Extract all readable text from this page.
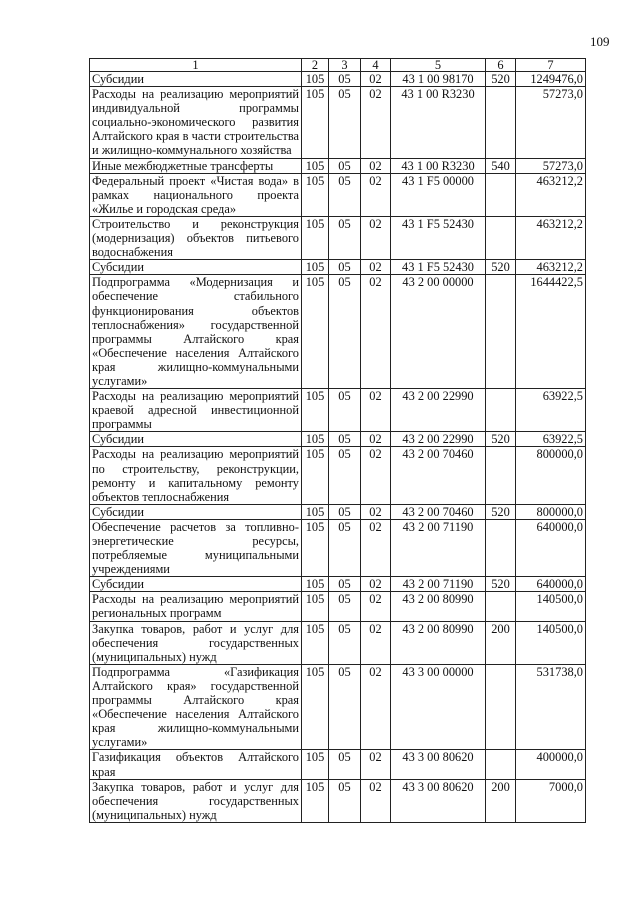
109
1	2	3	4	5	6	7
Субсидии	105	05	02	43 1 00 98170	520	1249476,0
Расходы на реализацию мероприятий индивидуальной программы социально-экономического развития Алтайского края в части строительства и жилищно-коммунального хозяйства	105	05	02	43 1 00 R3230		57273,0
Иные межбюджетные трансферты	105	05	02	43 1 00 R3230	540	57273,0
Федеральный проект «Чистая вода» в рамках национального проекта «Жилье и городская среда»	105	05	02	43 1 F5 00000		463212,2
Строительство и реконструкция (модернизация) объектов питьевого водоснабжения	105	05	02	43 1 F5 52430		463212,2
Субсидии	105	05	02	43 1 F5 52430	520	463212,2
Подпрограмма «Модернизация и обеспечение стабильного функционирования объектов теплоснабжения» государственной программы Алтайского края «Обеспечение населения Алтайского края жилищно-коммунальными услугами»	105	05	02	43 2 00 00000		1644422,5
Расходы на реализацию мероприятий краевой адресной инвестиционной программы	105	05	02	43 2 00 22990		63922,5
Субсидии	105	05	02	43 2 00 22990	520	63922,5
Расходы на реализацию мероприятий по строительству, реконструкции, ремонту и капитальному ремонту объектов теплоснабжения	105	05	02	43 2 00 70460		800000,0
Субсидии	105	05	02	43 2 00 70460	520	800000,0
Обеспечение расчетов за топливно-энергетические ресурсы, потребляемые муниципальными учреждениями	105	05	02	43 2 00 71190		640000,0
Субсидии	105	05	02	43 2 00 71190	520	640000,0
Расходы на реализацию мероприятий региональных программ	105	05	02	43 2 00 80990		140500,0
Закупка товаров, работ и услуг для обеспечения государственных (муниципальных) нужд	105	05	02	43 2 00 80990	200	140500,0
Подпрограмма «Газификация Алтайского края» государственной программы Алтайского края «Обеспечение населения Алтайского края жилищно-коммунальными услугами»	105	05	02	43 3 00 00000		531738,0
Газификация объектов Алтайского края	105	05	02	43 3 00 80620		400000,0
Закупка товаров, работ и услуг для обеспечения государственных (муниципальных) нужд	105	05	02	43 3 00 80620	200	7000,0
